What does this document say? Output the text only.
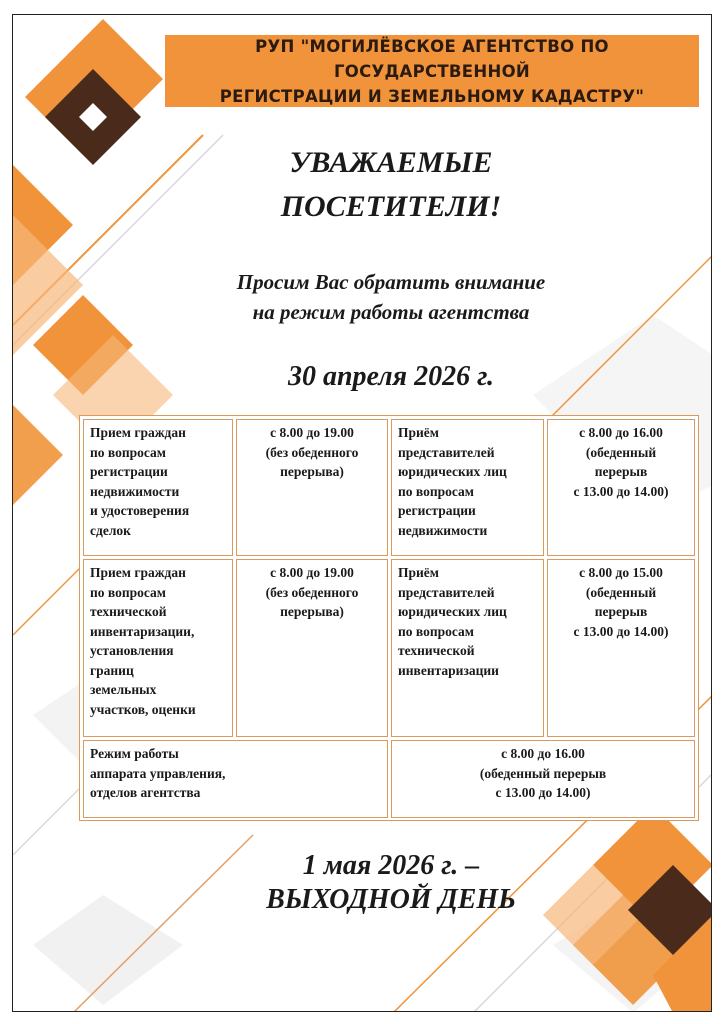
РУП "МОГИЛЁВСКОЕ АГЕНТСТВО ПО ГОСУДАРСТВЕННОЙ
РЕГИСТРАЦИИ И ЗЕМЕЛЬНОМУ КАДАСТРУ"
УВАЖАЕМЫЕ
ПОСЕТИТЕЛИ!
Просим Вас обратить внимание
на режим работы агентства
30 апреля 2026 г.
Прием граждан
по вопросам
регистрации
недвижимости
и удостоверения
сделок
с 8.00 до 19.00
(без обеденного
перерыва)
Приём
представителей
юридических лиц
по вопросам
регистрации
недвижимости
с 8.00 до 16.00
(обеденный
перерыв
с 13.00 до 14.00)
Прием граждан
по вопросам
технической
инвентаризации,
установления
границ
земельных
участков, оценки
с 8.00 до 19.00
(без обеденного
перерыва)
Приём
представителей
юридических лиц
по вопросам
технической
инвентаризации
с 8.00 до 15.00
(обеденный
перерыв
с 13.00 до 14.00)
Режим работы
аппарата управления,
отделов агентства
с 8.00 до 16.00
(обеденный перерыв
с 13.00 до 14.00)
1 мая 2026 г. –
ВЫХОДНОЙ ДЕНЬ
